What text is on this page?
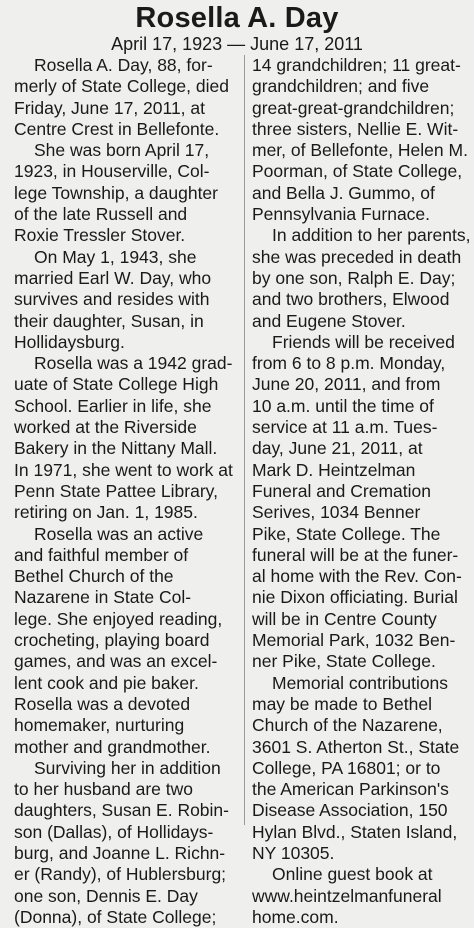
Rosella A. Day
April 17, 1923 — June 17, 2011
Rosella A. Day, 88, for-
merly of State College, died
Friday, June 17, 2011, at
Centre Crest in Bellefonte.
She was born April 17,
1923, in Houserville, Col-
lege Township, a daughter
of the late Russell and
Roxie Tressler Stover.
On May 1, 1943, she
married Earl W. Day, who
survives and resides with
their daughter, Susan, in
Hollidaysburg.
Rosella was a 1942 grad-
uate of State College High
School. Earlier in life, she
worked at the Riverside
Bakery in the Nittany Mall.
In 1971, she went to work at
Penn State Pattee Library,
retiring on Jan. 1, 1985.
Rosella was an active
and faithful member of
Bethel Church of the
Nazarene in State Col-
lege. She enjoyed reading,
crocheting, playing board
games, and was an excel-
lent cook and pie baker.
Rosella was a devoted
homemaker, nurturing
mother and grandmother.
Surviving her in addition
to her husband are two
daughters, Susan E. Robin-
son (Dallas), of Hollidays-
burg, and Joanne L. Richn-
er (Randy), of Hublersburg;
one son, Dennis E. Day
(Donna), of State College;
14 grandchildren; 11 great-
grandchildren; and five
great-great-grandchildren;
three sisters, Nellie E. Wit-
mer, of Bellefonte, Helen M.
Poorman, of State College,
and Bella J. Gummo, of
Pennsylvania Furnace.
In addition to her parents,
she was preceded in death
by one son, Ralph E. Day;
and two brothers, Elwood
and Eugene Stover.
Friends will be received
from 6 to 8 p.m. Monday,
June 20, 2011, and from
10 a.m. until the time of
service at 11 a.m. Tues-
day, June 21, 2011, at
Mark D. Heintzelman
Funeral and Cremation
Serives, 1034 Benner
Pike, State College. The
funeral will be at the funer-
al home with the Rev. Con-
nie Dixon officiating. Burial
will be in Centre County
Memorial Park, 1032 Ben-
ner Pike, State College.
Memorial contributions
may be made to Bethel
Church of the Nazarene,
3601 S. Atherton St., State
College, PA 16801; or to
the American Parkinson's
Disease Association, 150
Hylan Blvd., Staten Island,
NY 10305.
Online guest book at
www.heintzelmanfuneral
home.com.
